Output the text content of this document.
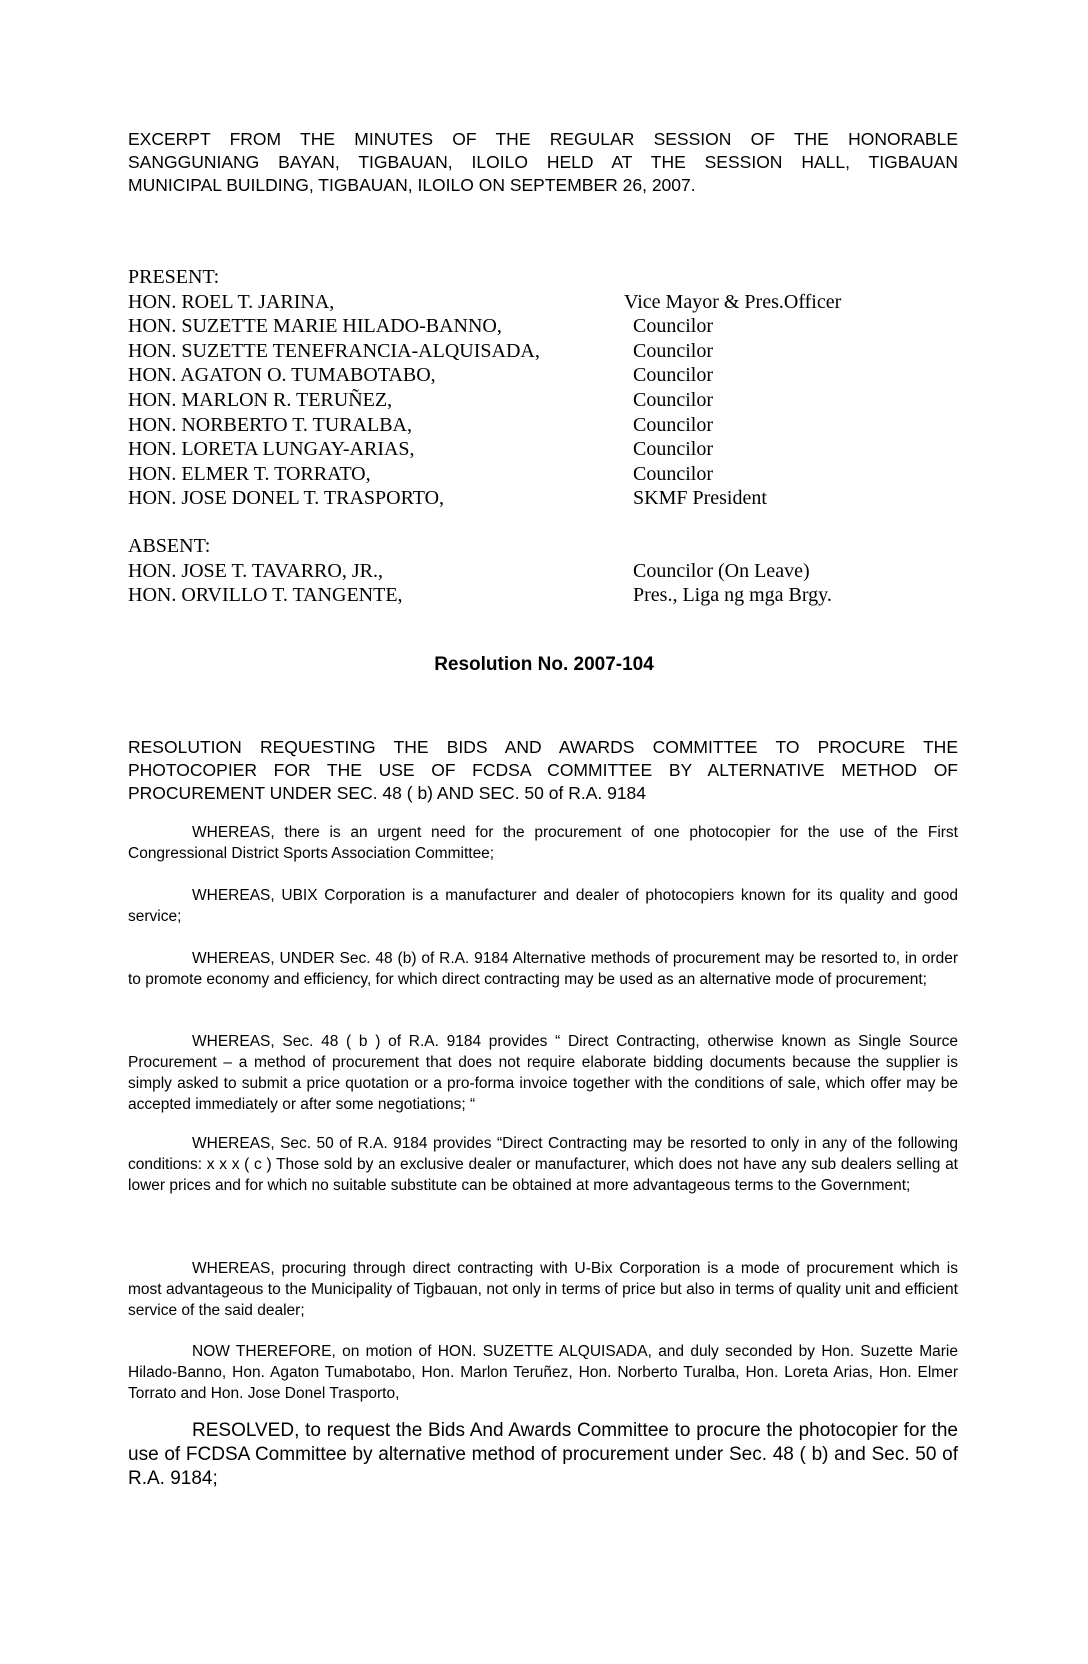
EXCERPT FROM THE MINUTES OF THE REGULAR SESSION OF THE HONORABLE
SANGGUNIANG BAYAN, TIGBAUAN, ILOILO HELD AT THE SESSION HALL, TIGBAUAN
MUNICIPAL BUILDING, TIGBAUAN, ILOILO ON SEPTEMBER 26, 2007.
PRESENT:
HON. ROEL T. JARINA,	Vice Mayor & Pres.Officer
HON. SUZETTE MARIE HILADO-BANNO,	Councilor
HON. SUZETTE TENEFRANCIA-ALQUISADA,	Councilor
HON. AGATON O. TUMABOTABO,	Councilor
HON. MARLON R. TERUÑEZ,	Councilor
HON. NORBERTO T. TURALBA,	Councilor
HON. LORETA LUNGAY-ARIAS,	Councilor
HON. ELMER T. TORRATO,	Councilor
HON. JOSE DONEL T. TRASPORTO,	SKMF President
ABSENT:
HON. JOSE T. TAVARRO, JR.,	Councilor (On Leave)
HON. ORVILLO T. TANGENTE,	Pres., Liga ng mga Brgy.
Resolution No. 2007-104
RESOLUTION REQUESTING THE BIDS AND AWARDS COMMITTEE TO PROCURE THE
PHOTOCOPIER FOR THE USE OF FCDSA COMMITTEE BY ALTERNATIVE METHOD OF
PROCUREMENT UNDER SEC. 48 ( b) AND SEC. 50 of R.A. 9184

WHEREAS, there is an urgent need for the procurement of one photocopier for the use of the First Congressional District Sports Association Committee;

WHEREAS, UBIX Corporation is a manufacturer and dealer of photocopiers known for its quality and good service;

WHEREAS, UNDER Sec. 48 (b) of R.A. 9184 Alternative methods of procurement may be resorted to, in order to promote economy and efficiency, for which direct contracting may be used as an alternative mode of procurement;

WHEREAS, Sec. 48 ( b ) of R.A. 9184 provides “ Direct Contracting, otherwise known as Single Source Procurement – a method of procurement that does not require elaborate bidding documents because the supplier is simply asked to submit a price quotation or a pro-forma invoice together with the conditions of sale, which offer may be accepted immediately or after some negotiations; “

WHEREAS, Sec. 50 of R.A. 9184 provides “Direct Contracting may be resorted to only in any of the following conditions: x x x ( c ) Those sold by an exclusive dealer or manufacturer, which does not have any sub dealers selling at lower prices and for which no suitable substitute can be obtained at more advantageous terms to the Government;

WHEREAS, procuring through direct contracting with U-Bix Corporation is a mode of procurement which is most advantageous to the Municipality of Tigbauan, not only in terms of price but also in terms of quality unit and efficient service of the said dealer;

NOW THEREFORE, on motion of HON. SUZETTE ALQUISADA, and duly seconded by Hon. Suzette Marie Hilado-Banno, Hon. Agaton Tumabotabo, Hon. Marlon Teruñez, Hon. Norberto Turalba, Hon. Loreta Arias, Hon. Elmer Torrato and Hon. Jose Donel Trasporto,

RESOLVED, to request the Bids And Awards Committee to procure the photocopier for the use of FCDSA Committee by alternative method of procurement under Sec. 48 ( b) and Sec. 50 of R.A. 9184;
